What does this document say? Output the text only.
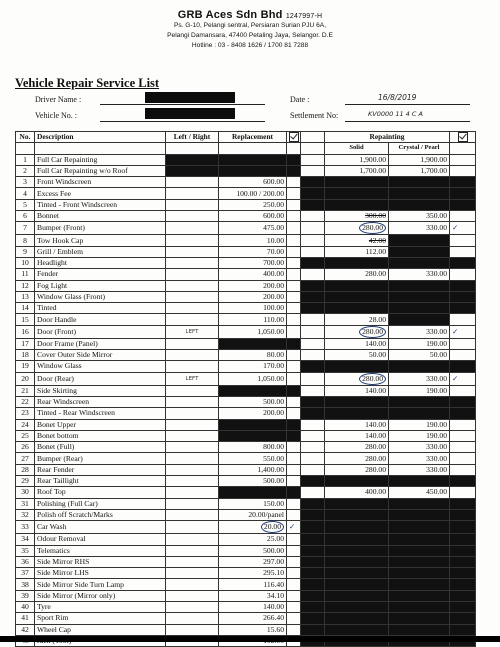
GRB Aces Sdn Bhd 1247997-H
Ps. G-10, Pelangi sentral, Persiaran Surian PJU 6A,
Pelangi Damansara, 47400 Petaling Jaya, Selangor. D.E
Hotline : 03 - 8408 1626 / 1700 81 7288
Vehicle Repair Service List
Driver Name :
Vehicle No. :
Date :	16/8/2019
Settlement No:	KV0000 11 4 C A
No.	Description	Left / Right	Replacement			Repainting		
						Solid	Crystal / Pearl	
1	Full Car Repainting					1,900.00	1,900.00	
2	Full Car Repainting w/o Roof					1,700.00	1,700.00	
3	Front Windscreen		600.00					
4	Excess Fee		100.00 / 200.00					
5	Tinted - Front Windscreen		250.00					
6	Bonnet		600.00			300.00	350.00	
7	Bumper (Front)		475.00			280.00	330.00	✓
8	Tow Hook Cap		10.00			42.00		
9	Grill / Emblem		70.00			112.00		
10	Headlight		700.00					
11	Fender		400.00			280.00	330.00	
12	Fog Light		200.00					
13	Window Glass (Front)		200.00					
14	Tinted		100.00					
15	Door Handle		110.00			28.00		
16	Door (Front)	LEFT	1,050.00			280.00	330.00	✓
17	Door Frame (Panel)					140.00	190.00	
18	Cover Outer Side Mirror		80.00			50.00	50.00	
19	Window Glass		170.00					
20	Door (Rear)	LEFT	1,050.00			280.00	330.00	✓
21	Side Skirting					140.00	190.00	
22	Rear Windscreen		500.00					
23	Tinted - Rear Windscreen		200.00					
24	Bonet Upper					140.00	190.00	
25	Bonet bottom					140.00	190.00	
26	Bonet (Full)		800.00			280.00	330.00	
27	Bumper (Rear)		550.00			280.00	330.00	
28	Rear Fender		1,400.00			280.00	330.00	
29	Rear Taillight		500.00					
30	Roof Top					400.00	450.00	
31	Polishing (Full Car)		150.00					
32	Polish off Scratch/Marks		20.00/panel					
33	Car Wash		20.00	✓				
34	Odour Removal		25.00					
35	Telematics		500.00					
36	Side Mirror RHS		297.00					
37	Side Mirror LHS		295.10					
38	Side Mirror Side Turn Lamp		116.40					
39	Side Mirror (Mirror only)		34.10					
40	Tyre		140.00					
41	Sport Rim		266.40					
42	Wheel Cap		15.60					
